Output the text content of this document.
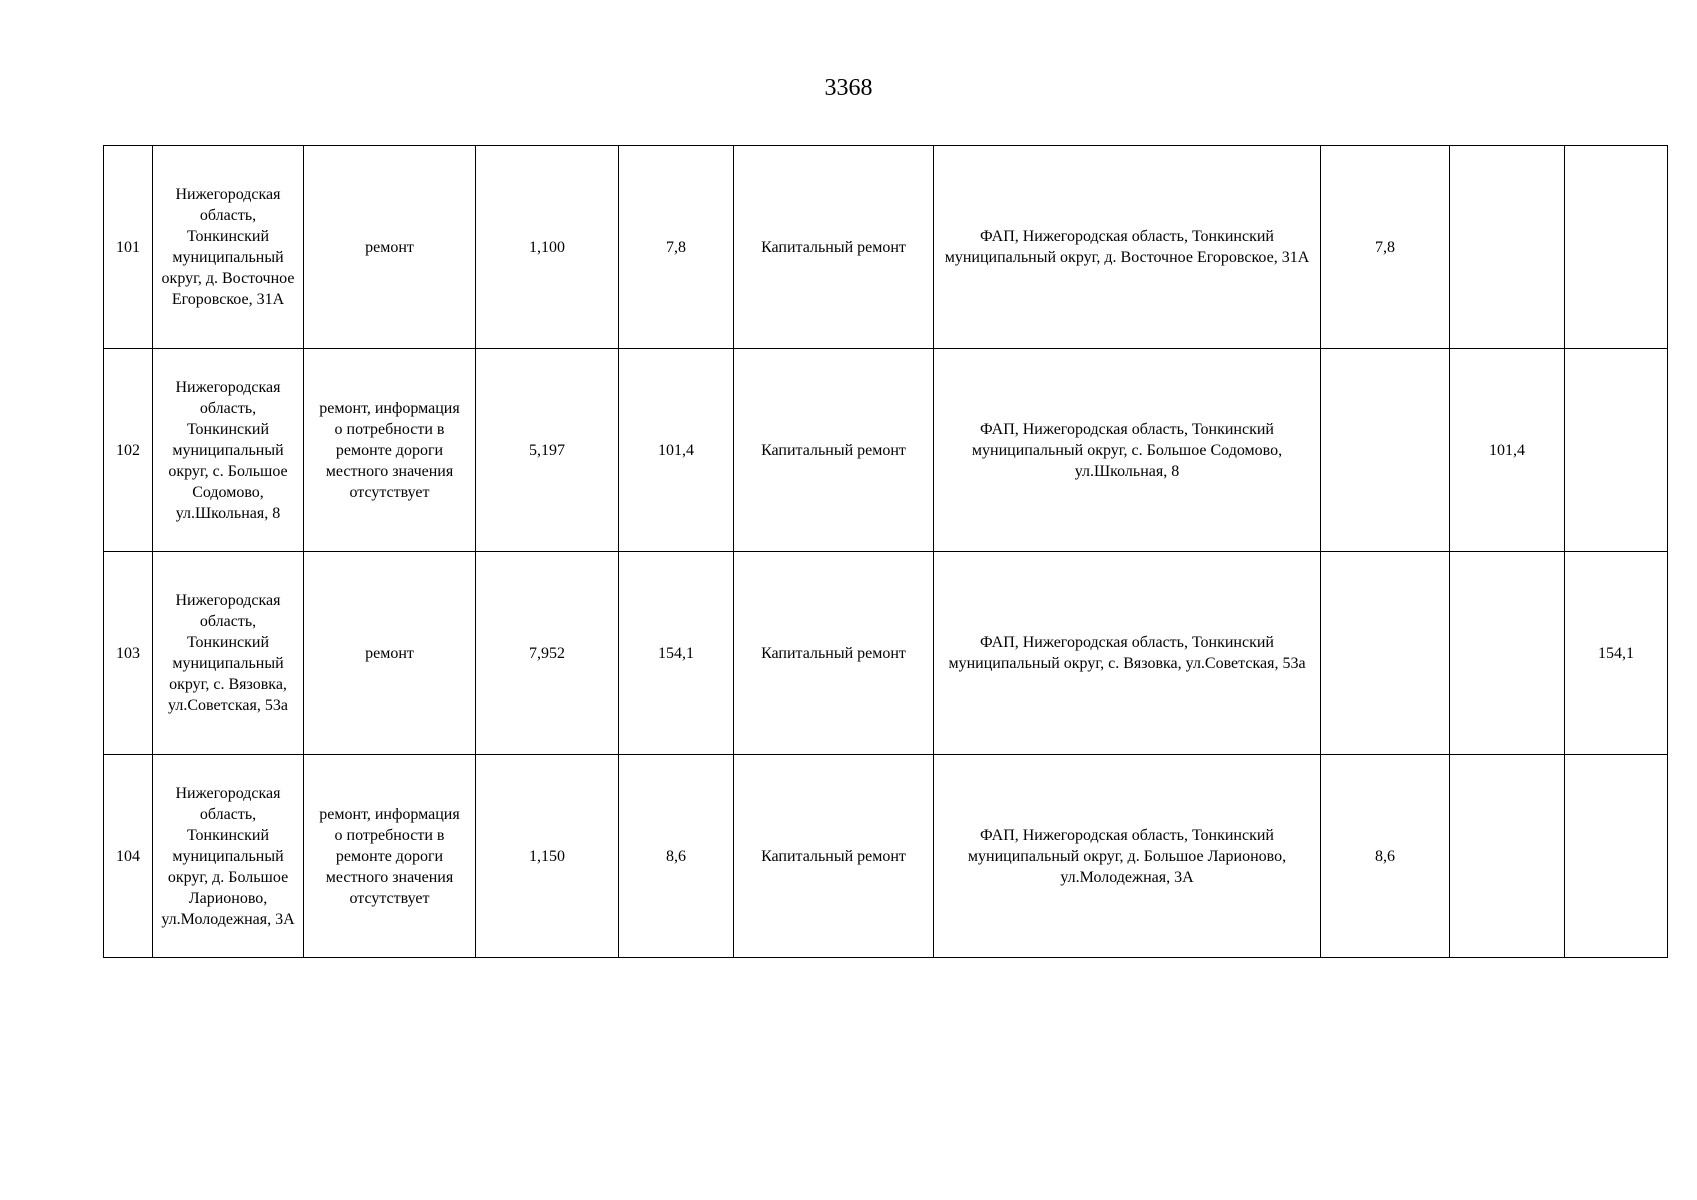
3368
101	Нижегородская область, Тонкинский муниципальный округ, д. Восточное Егоровское, 31А	ремонт	1,100	7,8	Капитальный ремонт	ФАП, Нижегородская область, Тонкинский муниципальный округ, д. Восточное Егоровское, 31А	7,8		
102	Нижегородская область, Тонкинский муниципальный округ, с. Большое Содомово, ул.Школьная, 8	ремонт, информация о потребности в ремонте дороги местного значения отсутствует	5,197	101,4	Капитальный ремонт	ФАП, Нижегородская область, Тонкинский муниципальный округ, с. Большое Содомово, ул.Школьная, 8		101,4	
103	Нижегородская область, Тонкинский муниципальный округ, с. Вязовка, ул.Советская, 53а	ремонт	7,952	154,1	Капитальный ремонт	ФАП, Нижегородская область, Тонкинский муниципальный округ, с. Вязовка, ул.Советская, 53а			154,1
104	Нижегородская область, Тонкинский муниципальный округ, д. Большое Ларионово, ул.Молодежная, 3А	ремонт, информация о потребности в ремонте дороги местного значения отсутствует	1,150	8,6	Капитальный ремонт	ФАП, Нижегородская область, Тонкинский муниципальный округ, д. Большое Ларионово, ул.Молодежная, 3А	8,6		
